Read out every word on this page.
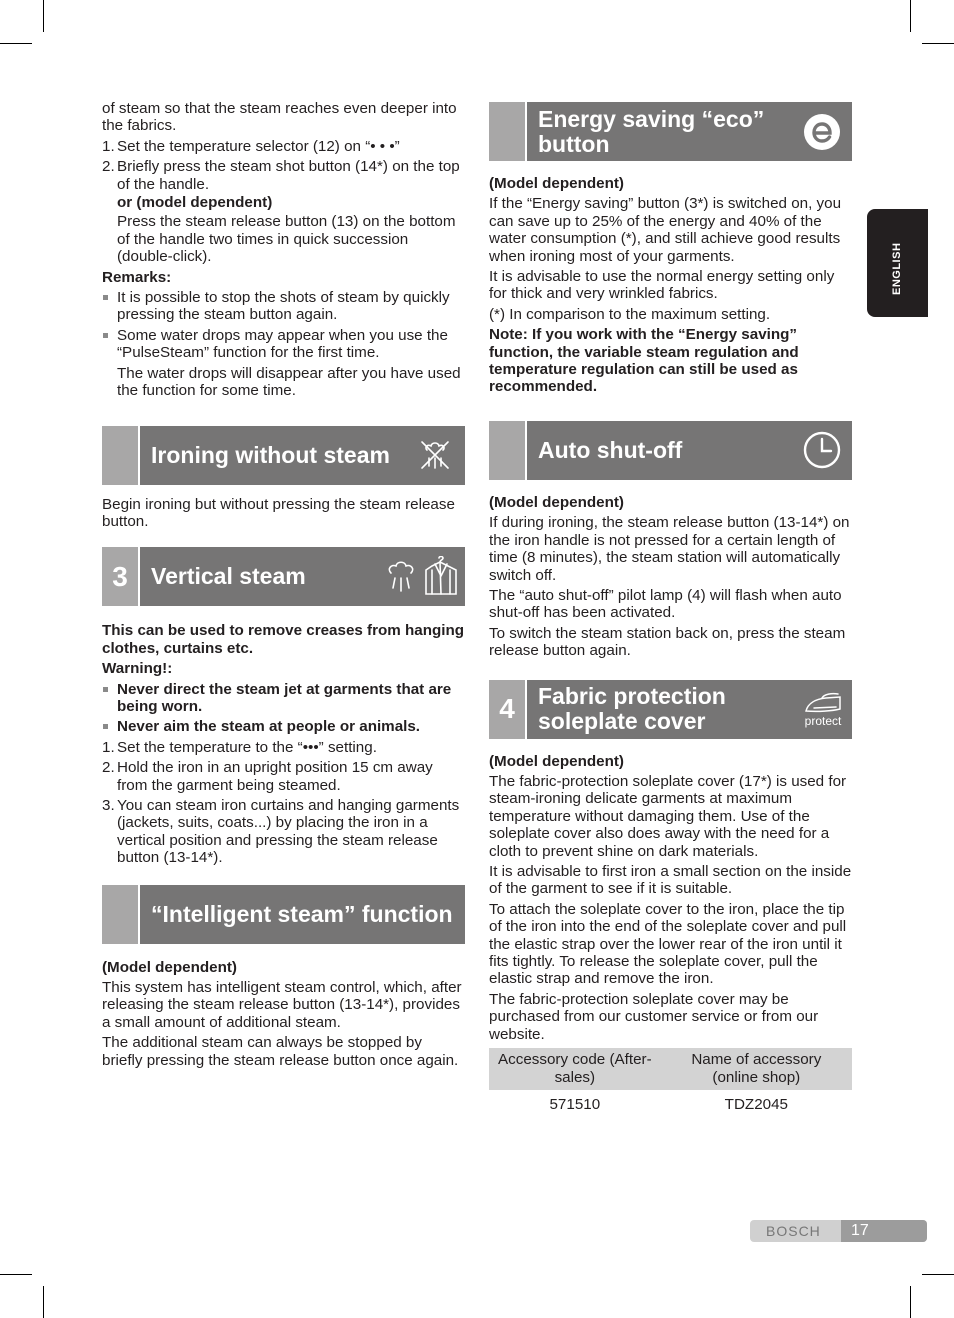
of steam so that the steam reaches even deeper into the fabrics.

1. Set the temperature selector (12) on “• • •”
2. Briefly press the steam shot button (14*) on the top of the handle.
or (model dependent)
Press the steam release button (13) on the bottom of the handle two times in quick succession (double-click).

Remarks:

It is possible to stop the shots of steam by quickly pressing the steam button again.
Some water drops may appear when you use the “PulseSteam” function for the first time.
The water drops will disappear after you have used the function for some time.
Ironing without steam

Begin ironing but without pressing the steam release button.

3	Vertical steam

This can be used to remove creases from hanging clothes, curtains etc.

Warning!:

Never direct the steam jet at garments that are being worn.
Never aim the steam at people or animals.
1. Set the temperature to the “•••” setting.
2. Hold the iron in an upright position 15 cm away from the garment being steamed.
3. You can steam iron curtains and hanging garments (jackets, suits, coats...) by placing the iron in a vertical position and pressing the steam release button (13-14*).
“Intelligent steam” function

(Model dependent)

This system has intelligent steam control, which, after releasing the steam release button (13-14*), provides a small amount of additional steam.

The additional steam can always be stopped by briefly pressing the steam release button once again.

Energy saving “eco” button

(Model dependent)

If the “Energy saving” button (3*) is switched on, you can save up to 25% of the energy and 40% of the water consumption (*), and still achieve good results when ironing most of your garments.

It is advisable to use the normal energy setting only for thick and very wrinkled fabrics.

(*) In comparison to the maximum setting.

Note: If you work with the “Energy saving” function, the variable steam regulation and temperature regulation can still be used as recommended.

Auto shut-off

(Model dependent)

If during ironing, the steam release button (13-14*) on the iron handle is not pressed for a certain length of time (8 minutes), the steam station will automatically switch off.

The “auto shut-off” pilot lamp (4) will flash when auto shut-off has been activated.

To switch the steam station back on, press the steam release button again.

4	Fabric protection soleplate cover	protect

(Model dependent)

The fabric-protection soleplate cover (17*) is used for steam-ironing delicate garments at maximum temperature without damaging them. Use of the soleplate cover also does away with the need for a cloth to prevent shine on dark materials.

It is advisable to first iron a small section on the inside of the garment to see if it is suitable.

To attach the soleplate cover to the iron, place the tip of the iron into the end of the soleplate cover and pull the elastic strap over the lower rear of the iron until it fits tightly. To release the soleplate cover, pull the elastic strap and remove the iron.

The fabric-protection soleplate cover may be purchased from our customer service or from our website.

Accessory code (After-sales)	Name of accessory (online shop)
571510	TDZ2045
ENGLISH
BOSCH	17
